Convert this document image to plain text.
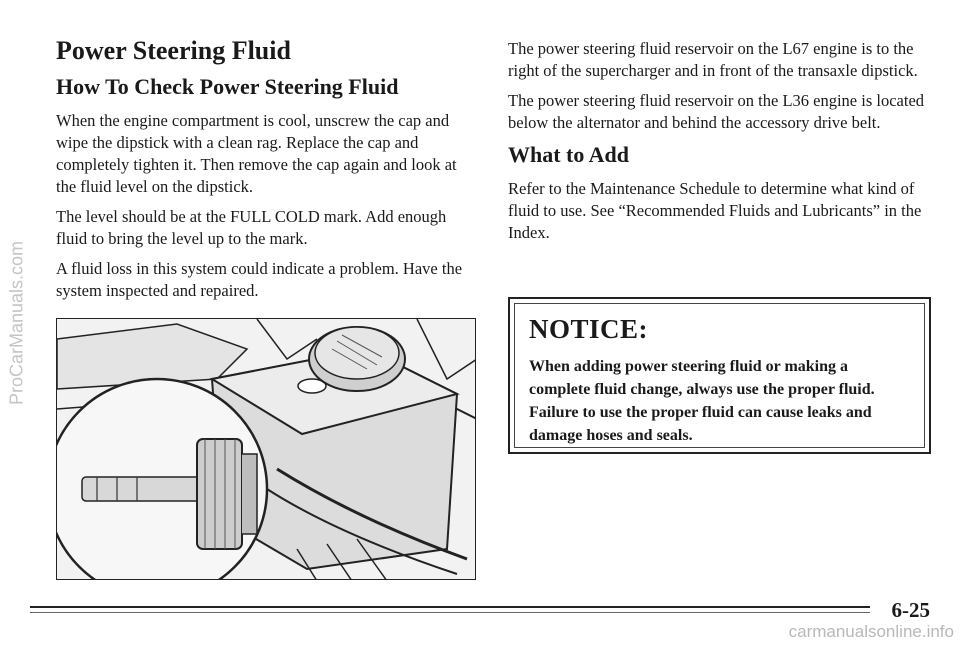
ProCarManuals.com
Power Steering Fluid
How To Check Power Steering Fluid

When the engine compartment is cool, unscrew the cap and wipe the dipstick with a clean rag. Replace the cap and completely tighten it. Then remove the cap again and look at the fluid level on the dipstick.

The level should be at the FULL COLD mark. Add enough fluid to bring the level up to the mark.

A fluid loss in this system could indicate a problem. Have the system inspected and repaired.

The power steering fluid reservoir on the L67 engine is to the right of the supercharger and in front of the transaxle dipstick.

The power steering fluid reservoir on the L36 engine is located below the alternator and behind the accessory drive belt.

What to Add

Refer to the Maintenance Schedule to determine what kind of fluid to use. See “Recommended Fluids and Lubricants” in the Index.

NOTICE:

When adding power steering fluid or making a complete fluid change, always use the proper fluid. Failure to use the proper fluid can cause leaks and damage hoses and seals.

6-25
carmanualsonline.info
